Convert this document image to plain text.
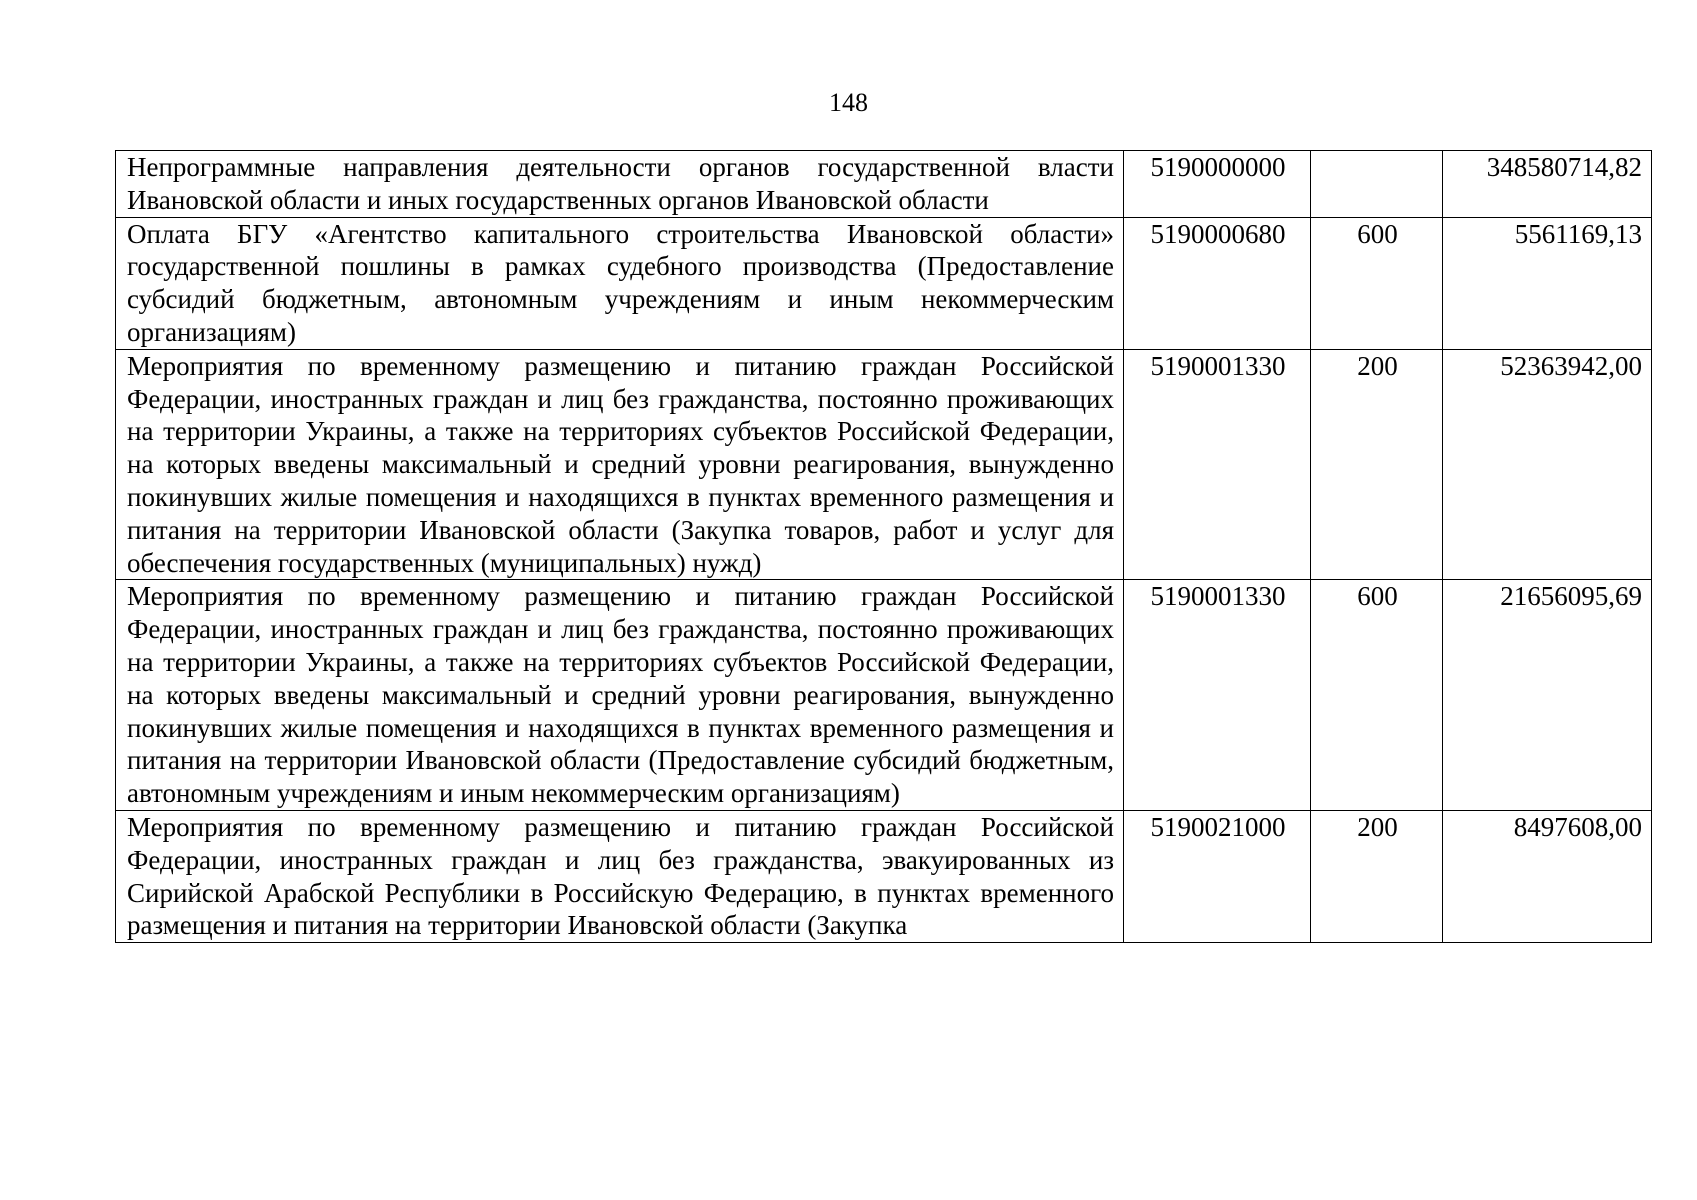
148
Непрограммные направления деятельности органов государственной власти Ивановской области и иных государственных органов Ивановской области	5190000000		348580714,82
Оплата БГУ «Агентство капитального строительства Ивановской области» государственной пошлины в рамках судебного производства (Предоставление субсидий бюджетным, автономным учреждениям и иным некоммерческим организациям)	5190000680	600	5561169,13
Мероприятия по временному размещению и питанию граждан Российской Федерации, иностранных граждан и лиц без гражданства, постоянно проживающих на территории Украины, а также на территориях субъектов Российской Федерации, на которых введены максимальный и средний уровни реагирования, вынужденно покинувших жилые помещения и находящихся в пунктах временного размещения и питания на территории Ивановской области (Закупка товаров, работ и услуг для обеспечения государственных (муниципальных) нужд)	5190001330	200	52363942,00
Мероприятия по временному размещению и питанию граждан Российской Федерации, иностранных граждан и лиц без гражданства, постоянно проживающих на территории Украины, а также на территориях субъектов Российской Федерации, на которых введены максимальный и средний уровни реагирования, вынужденно покинувших жилые помещения и находящихся в пунктах временного размещения и питания на территории Ивановской области (Предоставление субсидий бюджетным, автономным учреждениям и иным некоммерческим организациям)	5190001330	600	21656095,69
Мероприятия по временному размещению и питанию граждан Российской Федерации, иностранных граждан и лиц без гражданства, эвакуированных из Сирийской Арабской Республики в Российскую Федерацию, в пунктах временного размещения и питания на территории Ивановской области (Закупка	5190021000	200	8497608,00
